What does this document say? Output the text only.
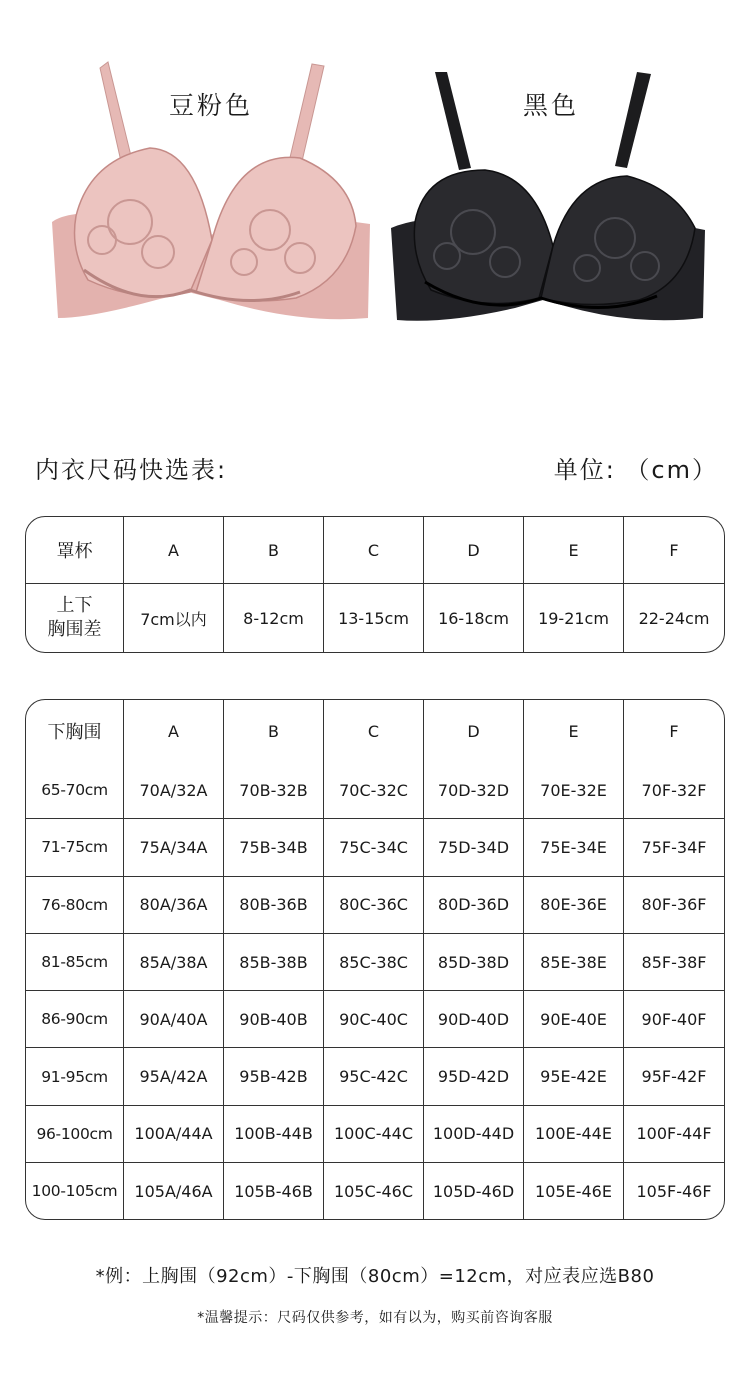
豆粉色	黑色
内衣尺码快选表:	单位: （cm）
罩杯	A	B	C	D	E	F
上下
胸围差	7cm以内	8-12cm	13-15cm	16-18cm	19-21cm	22-24cm
下胸围	A	B	C	D	E	F
65-70cm	70A/32A	70B-32B	70C-32C	70D-32D	70E-32E	70F-32F
71-75cm	75A/34A	75B-34B	75C-34C	75D-34D	75E-34E	75F-34F
76-80cm	80A/36A	80B-36B	80C-36C	80D-36D	80E-36E	80F-36F
81-85cm	85A/38A	85B-38B	85C-38C	85D-38D	85E-38E	85F-38F
86-90cm	90A/40A	90B-40B	90C-40C	90D-40D	90E-40E	90F-40F
91-95cm	95A/42A	95B-42B	95C-42C	95D-42D	95E-42E	95F-42F
96-100cm	100A/44A	100B-44B	100C-44C	100D-44D	100E-44E	100F-44F
100-105cm	105A/46A	105B-46B	105C-46C	105D-46D	105E-46E	105F-46F
*例：上胸围（92cm）-下胸围（80cm）=12cm，对应表应选B80
*温馨提示：尺码仅供参考，如有以为，购买前咨询客服
